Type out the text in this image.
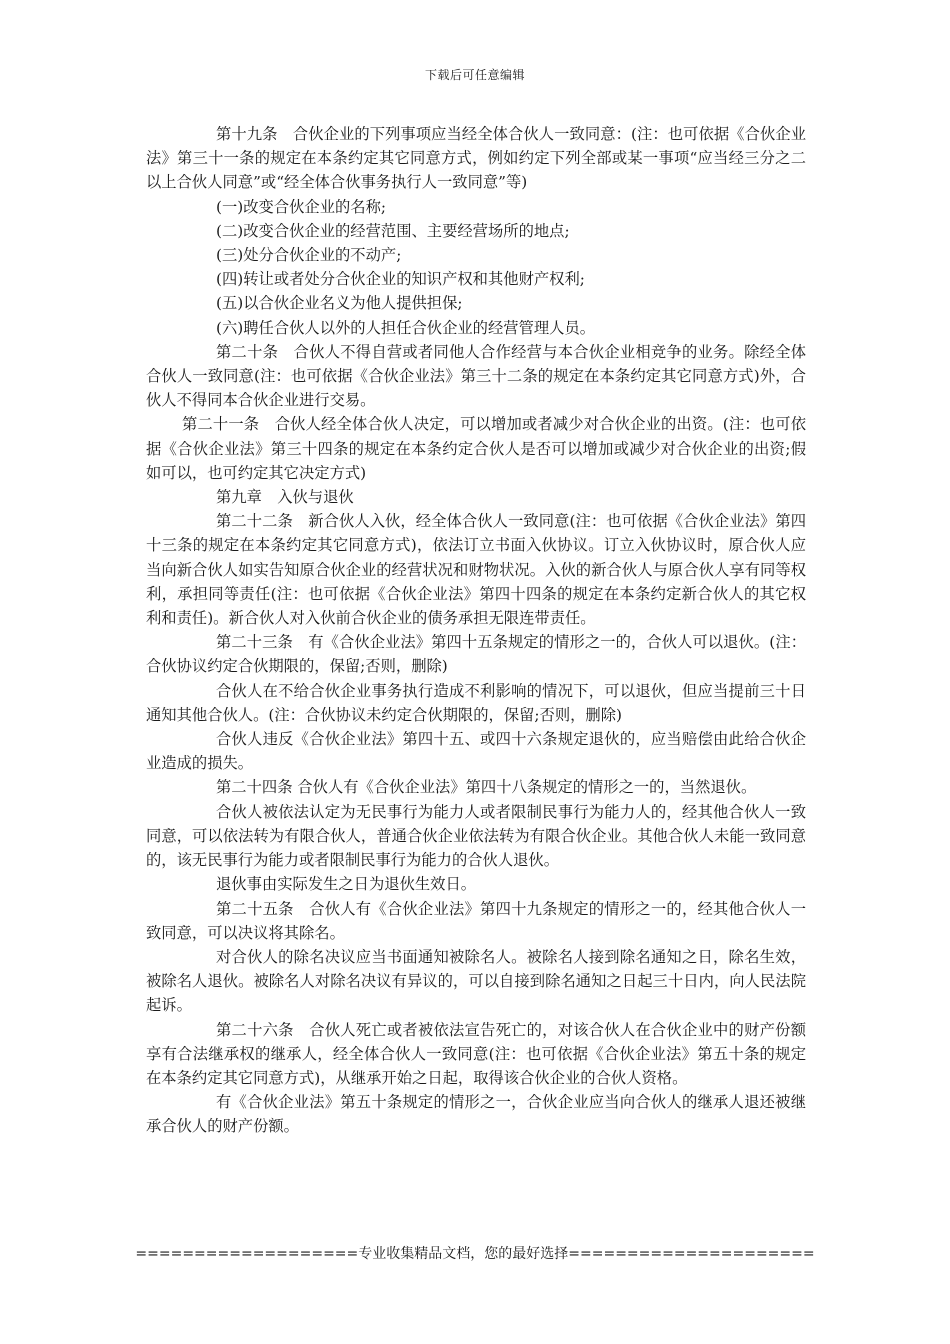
下载后可任意编辑

第十九条　合伙企业的下列事项应当经全体合伙人一致同意：(注：也可依据《合伙企业法》第三十一条的规定在本条约定其它同意方式，例如约定下列全部或某一事项“应当经三分之二以上合伙人同意”或“经全体合伙事务执行人一致同意”等)

(一)改变合伙企业的名称;

(二)改变合伙企业的经营范围、主要经营场所的地点;

(三)处分合伙企业的不动产;

(四)转让或者处分合伙企业的知识产权和其他财产权利;

(五)以合伙企业名义为他人提供担保;

(六)聘任合伙人以外的人担任合伙企业的经营管理人员。

第二十条　合伙人不得自营或者同他人合作经营与本合伙企业相竞争的业务。除经全体合伙人一致同意(注：也可依据《合伙企业法》第三十二条的规定在本条约定其它同意方式)外，合伙人不得同本合伙企业进行交易。

第二十一条　合伙人经全体合伙人决定，可以增加或者减少对合伙企业的出资。(注：也可依据《合伙企业法》第三十四条的规定在本条约定合伙人是否可以增加或减少对合伙企业的出资;假如可以，也可约定其它决定方式)

第九章　入伙与退伙

第二十二条　新合伙人入伙，经全体合伙人一致同意(注：也可依据《合伙企业法》第四十三条的规定在本条约定其它同意方式)，依法订立书面入伙协议。订立入伙协议时，原合伙人应当向新合伙人如实告知原合伙企业的经营状况和财物状况。入伙的新合伙人与原合伙人享有同等权利，承担同等责任(注：也可依据《合伙企业法》第四十四条的规定在本条约定新合伙人的其它权利和责任)。新合伙人对入伙前合伙企业的债务承担无限连带责任。

第二十三条　有《合伙企业法》第四十五条规定的情形之一的，合伙人可以退伙。(注：合伙协议约定合伙期限的，保留;否则，删除)

合伙人在不给合伙企业事务执行造成不利影响的情况下，可以退伙，但应当提前三十日通知其他合伙人。(注：合伙协议未约定合伙期限的，保留;否则，删除)

合伙人违反《合伙企业法》第四十五、或四十六条规定退伙的，应当赔偿由此给合伙企业造成的损失。

第二十四条 合伙人有《合伙企业法》第四十八条规定的情形之一的，当然退伙。

合伙人被依法认定为无民事行为能力人或者限制民事行为能力人的，经其他合伙人一致同意，可以依法转为有限合伙人，普通合伙企业依法转为有限合伙企业。其他合伙人未能一致同意的，该无民事行为能力或者限制民事行为能力的合伙人退伙。

退伙事由实际发生之日为退伙生效日。

第二十五条　合伙人有《合伙企业法》第四十九条规定的情形之一的，经其他合伙人一致同意，可以决议将其除名。

对合伙人的除名决议应当书面通知被除名人。被除名人接到除名通知之日，除名生效，被除名人退伙。被除名人对除名决议有异议的，可以自接到除名通知之日起三十日内，向人民法院起诉。

第二十六条　合伙人死亡或者被依法宣告死亡的，对该合伙人在合伙企业中的财产份额享有合法继承权的继承人，经全体合伙人一致同意(注：也可依据《合伙企业法》第五十条的规定在本条约定其它同意方式)，从继承开始之日起，取得该合伙企业的合伙人资格。

有《合伙企业法》第五十条规定的情形之一，合伙企业应当向合伙人的继承人退还被继承合伙人的财产份额。

===================专业收集精品文档，您的最好选择=====================
